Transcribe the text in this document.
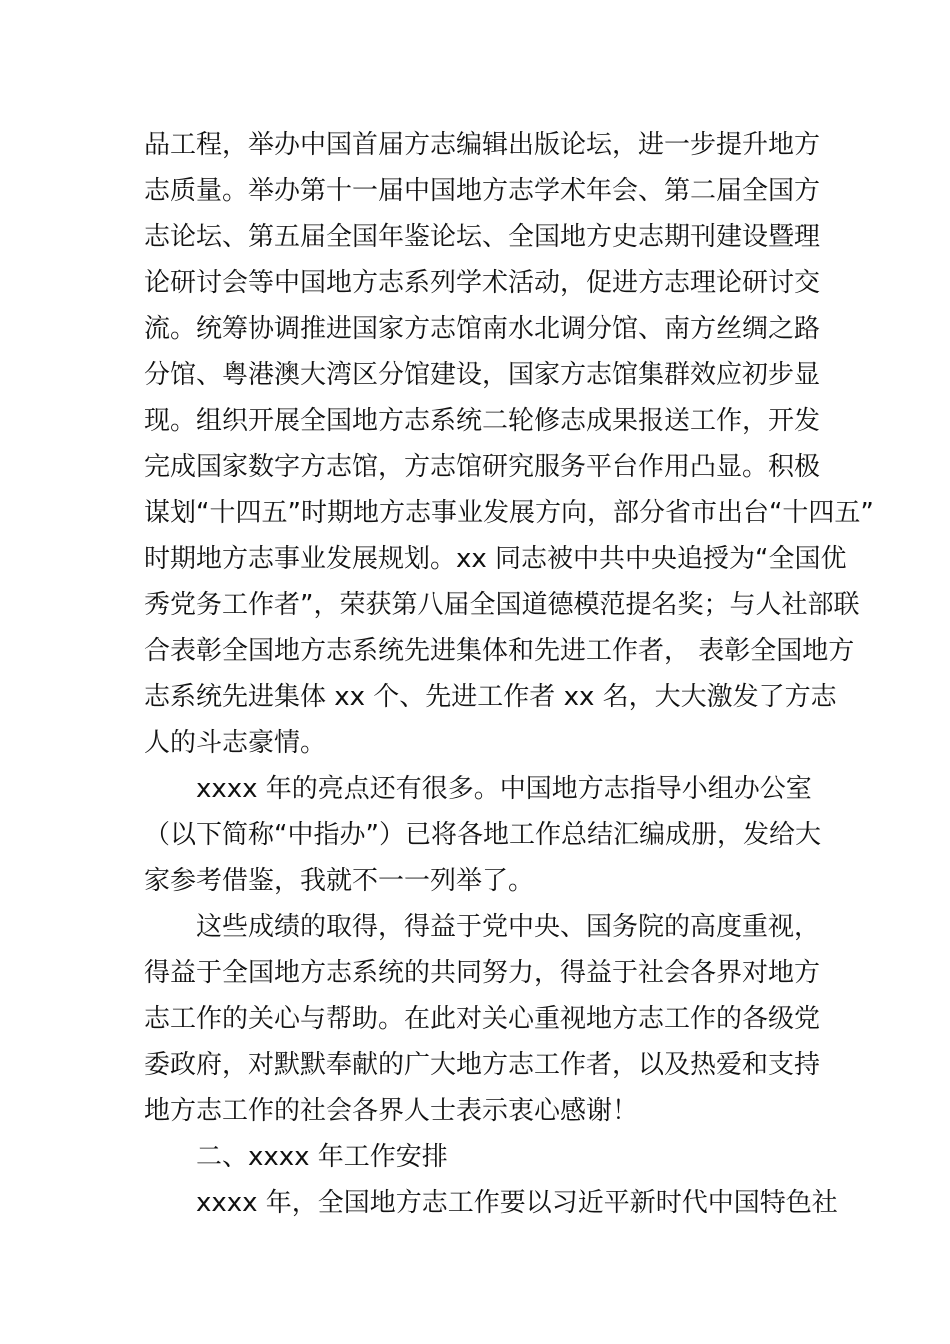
品工程，举办中国首届方志编辑出版论坛，进一步提升地方
志质量。举办第十一届中国地方志学术年会、第二届全国方
志论坛、第五届全国年鉴论坛、全国地方史志期刊建设暨理
论研讨会等中国地方志系列学术活动，促进方志理论研讨交
流。统筹协调推进国家方志馆南水北调分馆、南方丝绸之路
分馆、粤港澳大湾区分馆建设，国家方志馆集群效应初步显
现。组织开展全国地方志系统二轮修志成果报送工作，开发
完成国家数字方志馆，方志馆研究服务平台作用凸显。积极
谋划“十四五”时期地方志事业发展方向，部分省市出台“十四五”
时期地方志事业发展规划。xx 同志被中共中央追授为“全国优
秀党务工作者”，荣获第八届全国道德模范提名奖；与人社部联
合表彰全国地方志系统先进集体和先进工作者， 表彰全国地方
志系统先进集体 xx 个、先进工作者 xx 名，大大激发了方志
人的斗志豪情。
xxxx 年的亮点还有很多。中国地方志指导小组办公室
（以下简称“中指办”）已将各地工作总结汇编成册，发给大
家参考借鉴，我就不一一列举了。
这些成绩的取得，得益于党中央、国务院的高度重视，
得益于全国地方志系统的共同努力，得益于社会各界对地方
志工作的关心与帮助。在此对关心重视地方志工作的各级党
委政府，对默默奉献的广大地方志工作者，以及热爱和支持
地方志工作的社会各界人士表示衷心感谢！
二、xxxx 年工作安排
xxxx 年，全国地方志工作要以习近平新时代中国特色社
